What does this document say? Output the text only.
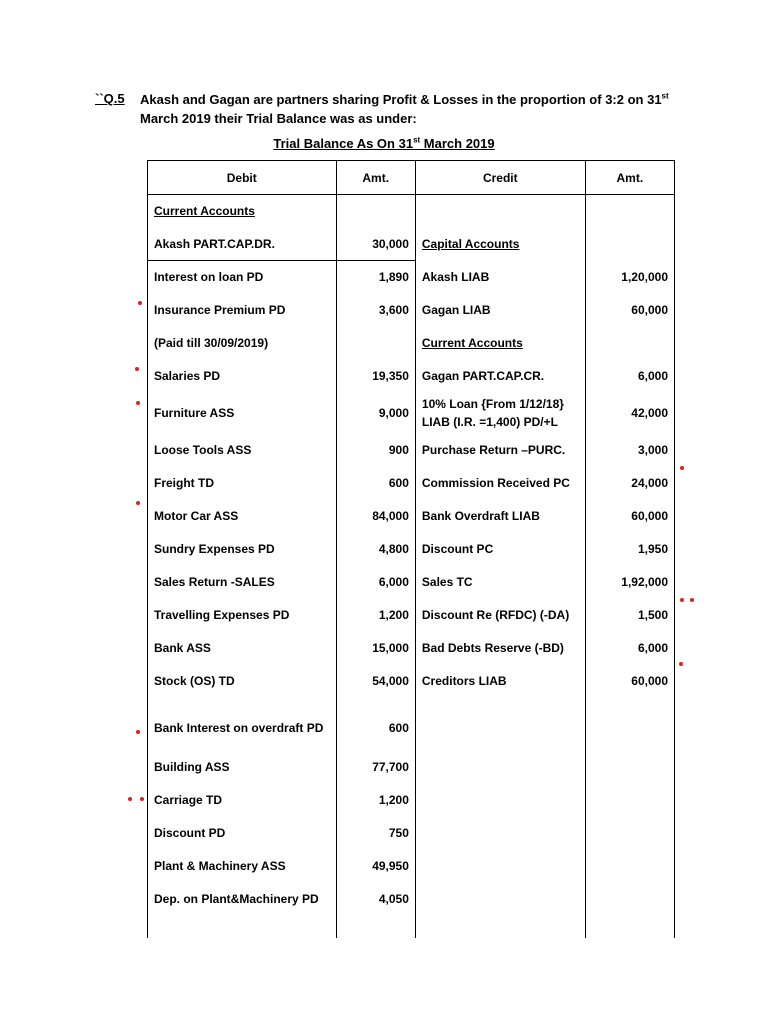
``Q.5 Akash and Gagan are partners sharing Profit & Losses in the proportion of 3:2 on 31st March 2019 their Trial Balance was as under:
Trial Balance As On 31st March 2019
Debit	Amt.	Credit	Amt.
Current Accounts			
Akash PART.CAP.DR.	30,000	Capital Accounts	
Interest on loan PD	1,890	Akash LIAB	1,20,000
Insurance Premium PD	3,600	Gagan LIAB	60,000
(Paid till 30/09/2019)		Current Accounts	
Salaries PD	19,350	Gagan PART.CAP.CR.	6,000
Furniture ASS	9,000	10% Loan {From 1/12/18} LIAB (I.R. =1,400) PD/+L	42,000
Loose Tools ASS	900	Purchase Return –PURC.	3,000
Freight TD	600	Commission Received PC	24,000
Motor Car ASS	84,000	Bank Overdraft LIAB	60,000
Sundry Expenses PD	4,800	Discount PC	1,950
Sales Return -SALES	6,000	Sales TC	1,92,000
Travelling Expenses PD	1,200	Discount Re (RFDC) (-DA)	1,500
Bank ASS	15,000	Bad Debts Reserve (-BD)	6,000
Stock (OS) TD	54,000	Creditors LIAB	60,000
Bank Interest on overdraft PD	600		
Building ASS	77,700		
Carriage TD	1,200		
Discount PD	750		
Plant & Machinery ASS	49,950		
Dep. on Plant&Machinery PD	4,050		
